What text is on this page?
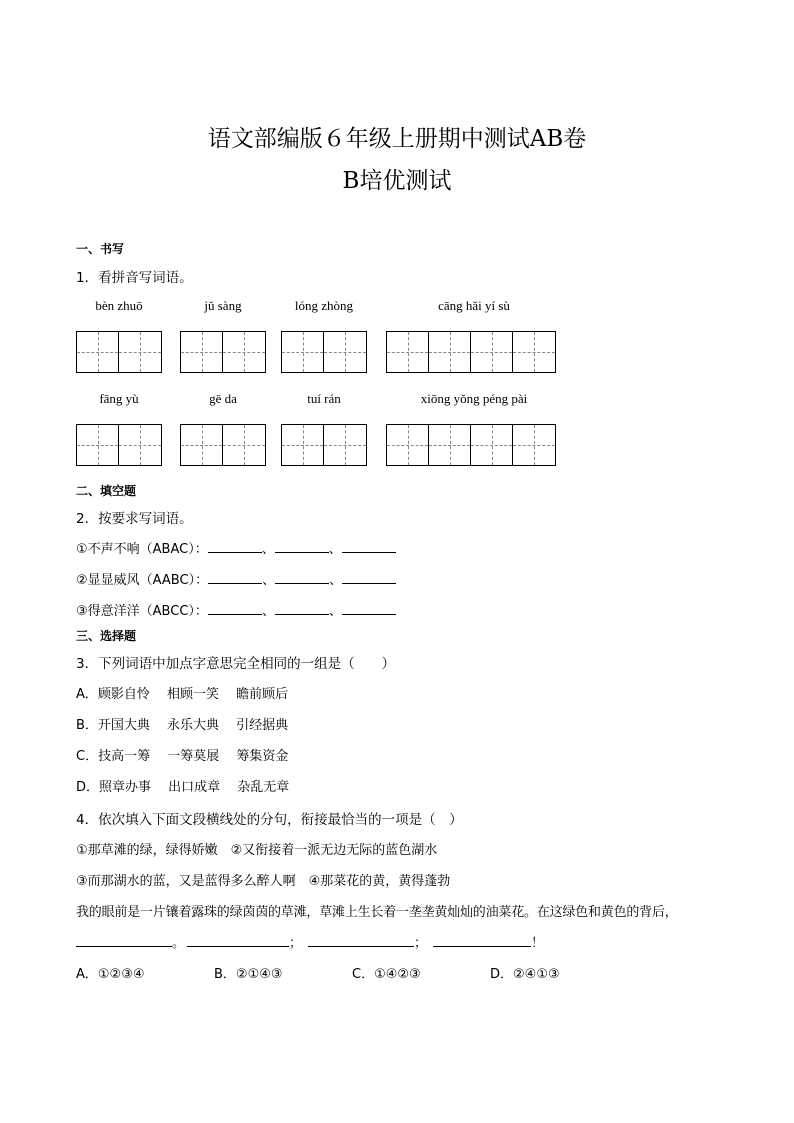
语文部编版６年级上册期中测试AB卷
B培优测试
一、书写
1．看拼音写词语。
bèn zhuō	jǔ sàng	lóng zhòng	cāng hǎi yí sù
fāng yù	gē da	tuí rán	xiōng yǒng péng pài
二、填空题
2．按要求写词语。
①不声不响（ABAC）：	、	、
②显显威风（AABC）：	、	、
③得意洋洋（ABCC）：	、	、
三、选择题
3．下列词语中加点字意思完全相同的一组是（　　）
A．顾影自怜　 相顾一笑　 瞻前顾后
B．开国大典　 永乐大典　 引经据典
C．技高一筹　 一筹莫展　 筹集资金
D．照章办事　 出口成章　 杂乱无章
4．依次填入下面文段横线处的分句，衔接最恰当的一项是（　）
①那草滩的绿，绿得娇嫩　②又衔接着一派无边无际的蓝色湖水
③而那湖水的蓝，又是蓝得多么醉人啊　④那菜花的黄，黄得蓬勃
我的眼前是一片镶着露珠的绿茵茵的草滩，草滩上生长着一垄垄黄灿灿的油菜花。在这绿色和黄色的背后，
。	；	；	！
A．①②③④	B．②①④③	C．①④②③	D．②④①③
